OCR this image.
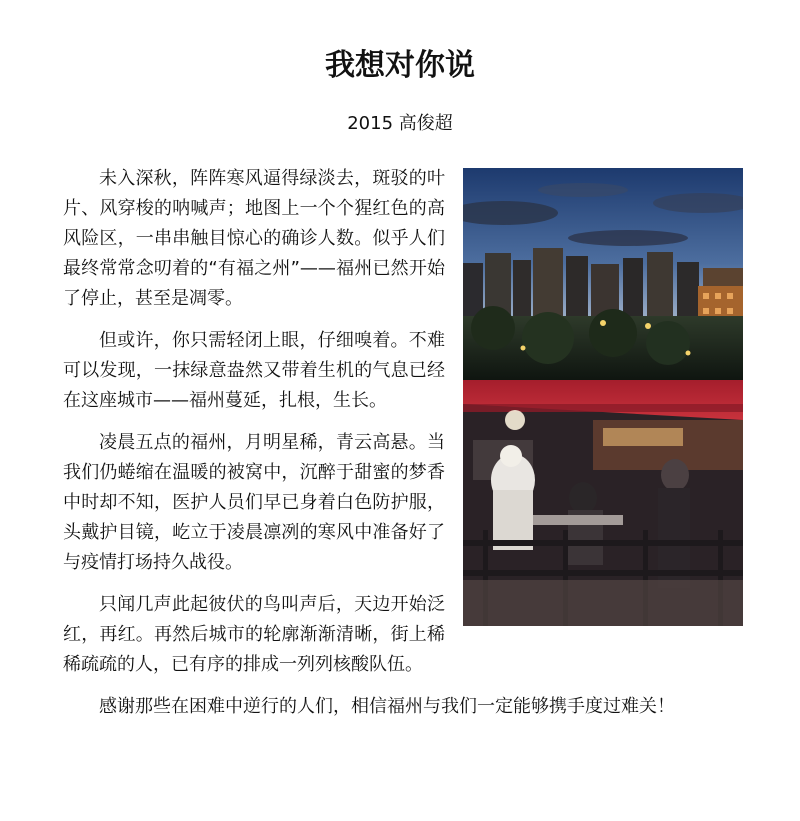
我想对你说
2015 高俊超

未入深秋，阵阵寒风逼得绿淡去，斑驳的叶片、风穿梭的呐喊声；地图上一个个猩红色的高风险区，一串串触目惊心的确诊人数。似乎人们最终常常念叨着的“有福之州”——福州已然开始了停止，甚至是凋零。

但或许，你只需轻闭上眼，仔细嗅着。不难可以发现，一抹绿意盎然又带着生机的气息已经在这座城市——福州蔓延，扎根，生长。

凌晨五点的福州，月明星稀，青云高悬。当我们仍蜷缩在温暖的被窝中，沉醉于甜蜜的梦香中时却不知，医护人员们早已身着白色防护服，头戴护目镜，屹立于凌晨凛冽的寒风中准备好了与疫情打场持久战役。

只闻几声此起彼伏的鸟叫声后，天边开始泛红，再红。再然后城市的轮廓渐渐清晰，街上稀稀疏疏的人，已有序的排成一列列核酸队伍。

感谢那些在困难中逆行的人们，相信福州与我们一定能够携手度过难关！
